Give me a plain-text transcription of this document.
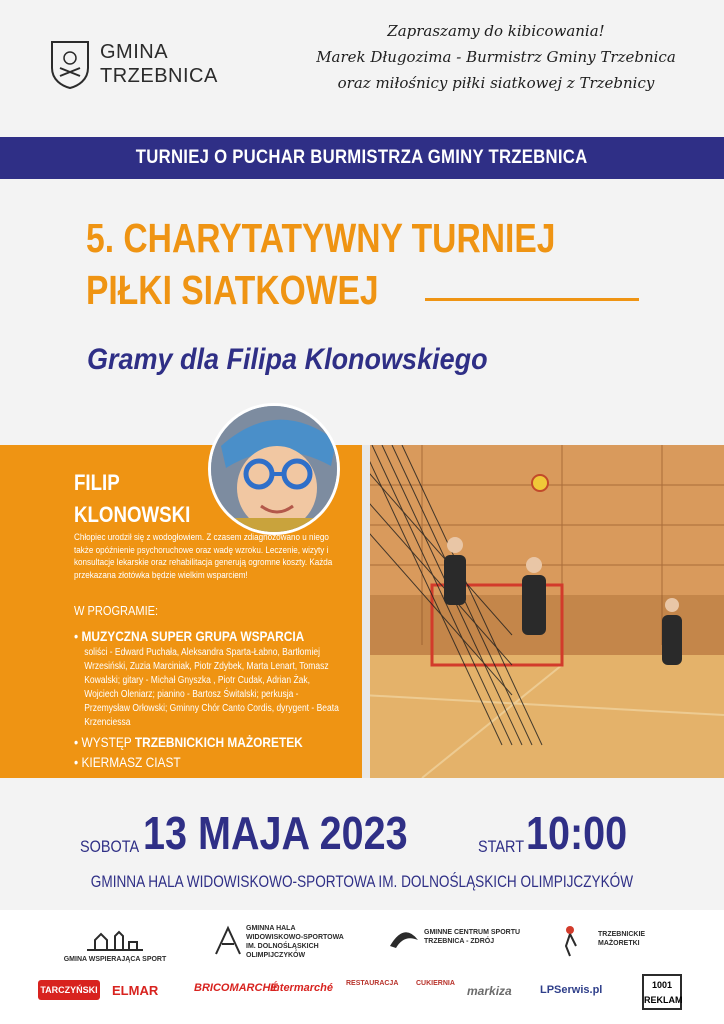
GMINA
TRZEBNICA
Zapraszamy do kibicowania!
Marek Długozima - Burmistrz Gminy Trzebnica
oraz miłośnicy piłki siatkowej z Trzebnicy
TURNIEJ O PUCHAR BURMISTRZA GMINY TRZEBNICA
5. CHARYTATYWNY TURNIEJ
PIŁKI SIATKOWEJ
Gramy dla Filipa Klonowskiego
FILIP
KLONOWSKI
Chłopiec urodził się z wodogłowiem. Z czasem zdiagnozowano u niego także opóźnienie psychoruchowe oraz wadę wzroku. Leczenie, wizyty i konsultacje lekarskie oraz rehabilitacja generują ogromne koszty. Każda przekazana złotówka będzie wielkim wsparciem!
W PROGRAMIE:
• MUZYCZNA SUPER GRUPA WSPARCIA
soliści - Edward Puchała, Aleksandra Sparta-Łabno, Bartłomiej Wrzesiński, Zuzia Marciniak, Piotr Zdybek, Marta Lenart, Tomasz Kowalski; gitary - Michał Gnyszka , Piotr Cudak, Adrian Żak, Wojciech Oleniarz; pianino - Bartosz Świtalski; perkusja - Przemysław Orłowski; Gminny Chór Canto Cordis, dyrygent - Beata Krzenciessa
• WYSTĘP TRZEBNICKICH MAŻORETEK
• KIERMASZ CIAST
SOBOTA 13 MAJA 2023	START 10:00
GMINNA HALA WIDOWISKOWO-SPORTOWA IM. DOLNOŚLĄSKICH OLIMPIJCZYKÓW
GMINA WSPIERAJĄCA SPORT
GMINNA HALA WIDOWISKOWO-SPORTOWA IM. DOLNOŚLĄSKICH OLIMPIJCZYKÓW
GMINNE CENTRUM SPORTU TRZEBNICA - ZDRÓJ
TRZEBNICKIE MAŻORETKI
TARCZYŃSKI ELMAR	BRICOMARCHÉ
Intermarché RESTAURACJA	CUKIERNIA
markiza	LPSerwis.pl	1001 REKLAM
